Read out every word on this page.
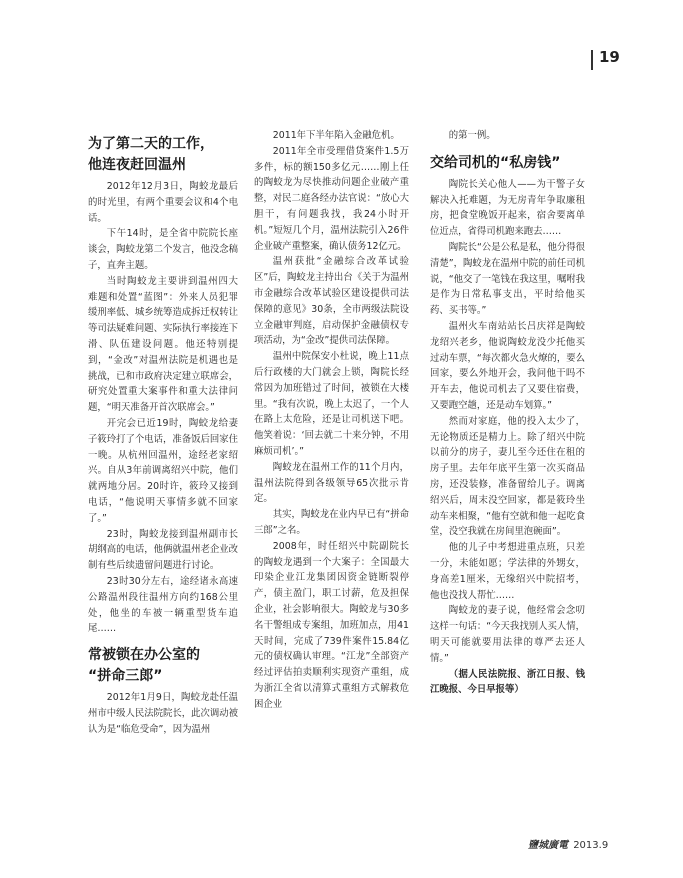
19
为了第二天的工作，
他连夜赶回温州

2012年12月3日，陶蛟龙最后的时光里，有两个重要会议和4个电话。

下午14时，是全省中院院长座谈会，陶蛟龙第二个发言，他没念稿子，直奔主题。

当时陶蛟龙主要讲到温州四大难题和处置“蓝图”：外来人员犯罪缓刑率低、城乡统筹造成拆迁权转让等司法疑难问题、实际执行率接连下滑、队伍建设问题。他还特别提到，“金改”对温州法院是机遇也是挑战，已和市政府决定建立联席会，研究处置重大案事件和重大法律问题，“明天准备开首次联席会。”

开完会已近19时，陶蛟龙给妻子筱玲打了个电话，准备饭后回家住一晚。从杭州回温州，途经老家绍兴。自从3年前调离绍兴中院，他们就两地分居。20时许，筱玲又接到电话，“他说明天事情多就不回家了。”

23时，陶蛟龙接到温州副市长胡纲高的电话，他俩就温州老企业改制有些后续遗留问题进行讨论。

23时30分左右，途经诸永高速公路温州段往温州方向约168公里处，他坐的车被一辆重型货车追尾……

常被锁在办公室的
“拼命三郎”

2012年1月9日，陶蛟龙赴任温州市中级人民法院院长，此次调动被认为是“临危受命”，因为温州

2011年下半年陷入金融危机。

2011年全市受理借贷案件1.5万多件，标的额150多亿元……刚上任的陶蛟龙为尽快推动问题企业破产重整，对民二庭各经办法官说：“放心大胆干，有问题我找，我24小时开机。”短短几个月，温州法院引入26件企业破产重整案，确认债务12亿元。

温州获批“金融综合改革试验区”后，陶蛟龙主持出台《关于为温州市金融综合改革试验区建设提供司法保障的意见》30条，全市两级法院设立金融审判庭，启动保护金融债权专项活动，为“金改”提供司法保障。

温州中院保安小杜说，晚上11点后行政楼的大门就会上锁，陶院长经常因为加班错过了时间，被锁在大楼里。“我有次说，晚上太迟了，一个人在路上太危险，还是让司机送下吧。他笑着说：‘回去就二十来分钟，不用麻烦司机’。”

陶蛟龙在温州工作的11个月内，温州法院得到各级领导65次批示肯定。

其实，陶蛟龙在业内早已有“拼命三郎”之名。

2008年，时任绍兴中院副院长的陶蛟龙遇到一个大案子：全国最大印染企业江龙集团因资金链断裂停产，债主盈门，职工讨薪，危及担保企业，社会影响很大。陶蛟龙与30多名干警组成专案组，加班加点，用41天时间，完成了739件案件15.84亿元的债权确认审理。“江龙”全部资产经过评估拍卖顺利实现资产重组，成为浙江全省以清算式重组方式解救危困企业

的第一例。

交给司机的“私房钱”

陶院长关心他人——为干警子女解决入托难题，为无房青年争取廉租房，把食堂晚饭开起来，宿舍要离单位近点，省得司机跑来跑去……

陶院长“公是公私是私，他分得很清楚”，陶蛟龙在温州中院的前任司机说，“他交了一笔钱在我这里，嘱咐我是作为日常私事支出，平时给他买药、买书等。”

温州火车南站站长吕庆祥是陶蛟龙绍兴老乡，他说陶蛟龙没少托他买过动车票，“每次都火急火燎的，要么回家，要么外地开会，我问他干吗不开车去，他说司机去了又要住宿费，又要跑空趟，还是动车划算。”

然而对家庭，他的投入太少了，无论物质还是精力上。除了绍兴中院以前分的房子，妻儿至今还住在租的房子里。去年年底平生第一次买商品房，还没装修，准备留给儿子。调离绍兴后，周末没空回家，都是筱玲坐动车来相聚，“他有空就和他一起吃食堂，没空我就在房间里泡碗面”。

他的儿子中考想进重点班，只差一分，未能如愿；学法律的外甥女，身高差1厘米，无缘绍兴中院招考，他也没找人帮忙……

陶蛟龙的妻子说，他经常会念叨这样一句话：“今天我找别人买人情，明天可能就要用法律的尊严去还人情。”

（据人民法院报、浙江日报、钱江晚报、今日早报等）

鹽城廣電 2013.9
